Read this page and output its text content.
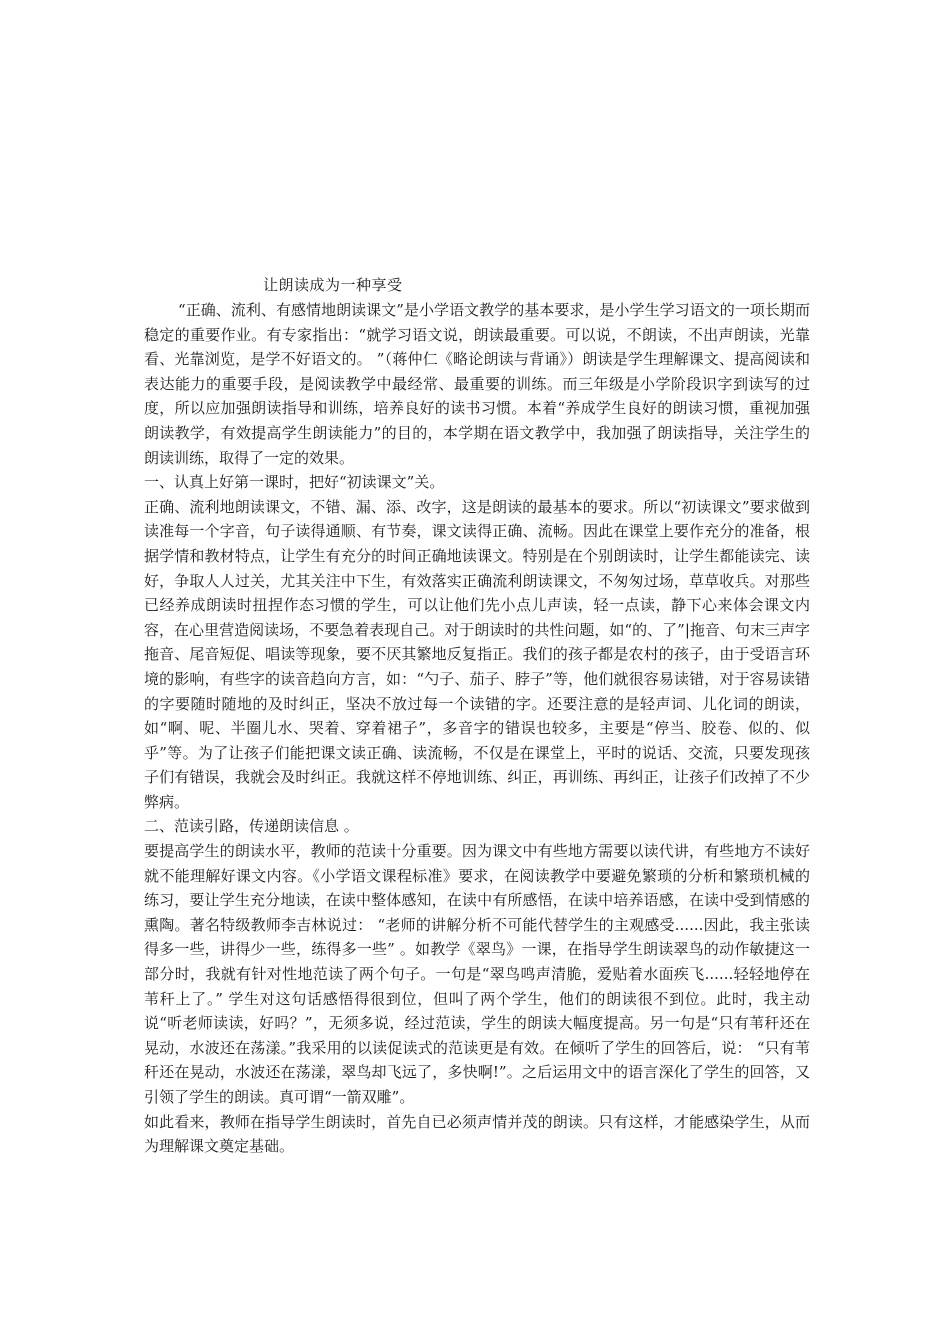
让朗读成为一种享受

“正确、流利、有感情地朗读课文”是小学语文教学的基本要求，是小学生学习语文的一项长期而稳定的重要作业。有专家指出：“就学习语文说，朗读最重要。可以说，不朗读，不出声朗读，光靠看、光靠浏览，是学不好语文的。 ”（蒋仲仁《略论朗读与背诵》）朗读是学生理解课文、提高阅读和表达能力的重要手段，是阅读教学中最经常、最重要的训练。而三年级是小学阶段识字到读写的过度，所以应加强朗读指导和训练，培养良好的读书习惯。本着“养成学生良好的朗读习惯，重视加强朗读教学，有效提高学生朗读能力”的目的，本学期在语文教学中，我加强了朗读指导，关注学生的朗读训练，取得了一定的效果。

一、认真上好第一课时，把好“初读课文”关。

正确、流利地朗读课文，不错、漏、添、改字，这是朗读的最基本的要求。所以“初读课文”要求做到读准每一个字音，句子读得通顺、有节奏，课文读得正确、流畅。因此在课堂上要作充分的准备，根据学情和教材特点，让学生有充分的时间正确地读课文。特别是在个别朗读时，让学生都能读完、读好，争取人人过关，尤其关注中下生，有效落实正确流利朗读课文，不匆匆过场，草草收兵。对那些已经养成朗读时扭捏作态习惯的学生，可以让他们先小点儿声读，轻一点读，静下心来体会课文内容，在心里营造阅读场，不要急着表现自己。对于朗读时的共性问题，如“的、了”|拖音、句末三声字拖音、尾音短促、唱读等现象，要不厌其繁地反复指正。我们的孩子都是农村的孩子，由于受语言环境的影响，有些字的读音趋向方言，如：“勺子、茄子、脖子”等，他们就很容易读错，对于容易读错的字要随时随地的及时纠正，坚决不放过每一个读错的字。还要注意的是轻声词、儿化词的朗读，如“啊、呢、半圈儿水、哭着、穿着裙子”，多音字的错误也较多，主要是“停当、胶卷、似的、似乎”等。为了让孩子们能把课文读正确、读流畅，不仅是在课堂上，平时的说话、交流，只要发现孩子们有错误，我就会及时纠正。我就这样不停地训练、纠正，再训练、再纠正，让孩子们改掉了不少弊病。

二、范读引路，传递朗读信息 。

要提高学生的朗读水平，教师的范读十分重要。因为课文中有些地方需要以读代讲，有些地方不读好就不能理解好课文内容。《小学语文课程标准》要求，在阅读教学中要避免繁琐的分析和繁琐机械的练习，要让学生充分地读，在读中整体感知，在读中有所感悟，在读中培养语感，在读中受到情感的熏陶。著名特级教师李吉林说过： “老师的讲解分析不可能代替学生的主观感受......因此，我主张读得多一些，讲得少一些，练得多一些” 。如教学《翠鸟》一课，在指导学生朗读翠鸟的动作敏捷这一部分时，我就有针对性地范读了两个句子。一句是“翠鸟鸣声清脆，爱贴着水面疾飞......轻轻地停在苇秆上了。” 学生对这句话感悟得很到位，但叫了两个学生，他们的朗读很不到位。此时，我主动说“听老师读读，好吗？”，无须多说，经过范读，学生的朗读大幅度提高。另一句是“只有苇秆还在晃动，水波还在荡漾。”我采用的以读促读式的范读更是有效。在倾听了学生的回答后，说： “只有苇秆还在晃动，水波还在荡漾，翠鸟却飞远了，多快啊!”。之后运用文中的语言深化了学生的回答，又引领了学生的朗读。真可谓“一箭双雕”。

如此看来，教师在指导学生朗读时，首先自已必须声情并茂的朗读。只有这样，才能感染学生，从而为理解课文奠定基础。
